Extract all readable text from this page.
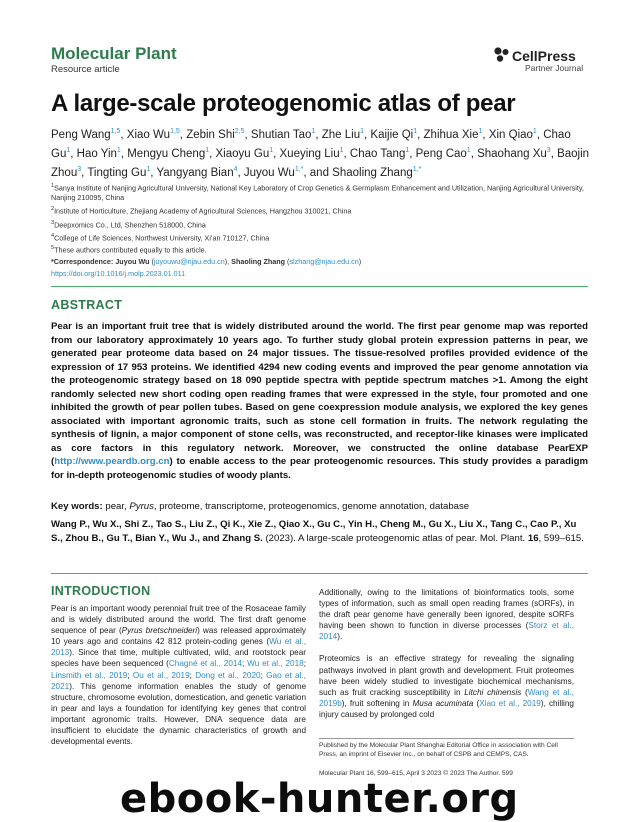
Molecular Plant
Resource article
CellPress
Partner Journal
A large-scale proteogenomic atlas of pear
Peng Wang$^{1,5}$, Xiao Wu$^{1,5}$, Zebin Shi$^{2,5}$, Shutian Tao$^1$, Zhe Liu$^1$, Kaijie Qi$^1$, Zhihua Xie$^1$, Xin Qiao$^1$, Chao Gu$^1$, Hao Yin$^1$, Mengyu Cheng$^1$, Xiaoyu Gu$^1$, Xueying Liu$^1$, Chao Tang$^1$, Peng Cao$^1$, Shaohang Xu$^3$, Baojin Zhou$^3$, Tingting Gu$^1$, Yangyang Bian$^4$, Juyou $Wu^{1,*}$, and Shaoling Zhang$^{1,*}$
$^1$Sanya Institute of Nanjing Agricultural University, National Key Laboratory of Crop Genetics & Germplasm Enhancement and Utilization, Nanjing Agricultural University, Nanjing 210095, China
$^2$Institute of Horticulture, Zhejiang Academy of Agricultural Sciences, Hangzhou 310021, China
$^3$Deepxomics Co., Ltd, Shenzhen 518000, China
$^4$College of Life Sciences, Northwest University, Xi’an 710127, China
$^5$These authors contributed equally to this article.
*Correspondence: Juyou Wu (juyouwu@njau.edu.cn), Shaoling Zhang (slzhang@njau.edu.cn)
https://doi.org/10.1016/j.molp.2023.01.011
ABSTRACT
Pear is an important fruit tree that is widely distributed around the world. The first pear genome map was reported from our laboratory approximately 10 years ago. To further study global protein expression patterns in pear, we generated pear proteome data based on 24 major tissues. The tissue-resolved profiles provided evidence of the expression of 17 953 proteins. We identified 4294 new coding events and improved the pear genome annotation via the proteogenomic strategy based on 18 090 peptide spectra with peptide spectrum matches >1. Among the eight randomly selected new short coding open reading frames that were expressed in the style, four promoted and one inhibited the growth of pear pollen tubes. Based on gene coexpression module analysis, we explored the key genes associated with important agronomic traits, such as stone cell formation in fruits. The network regulating the synthesis of lignin, a major component of stone cells, was reconstructed, and receptor-like kinases were implicated as core factors in this regulatory network. Moreover, we constructed the online database PearEXP (http://www.peardb.org.cn) to enable access to the pear proteogenomic resources. This study provides a paradigm for in-depth proteogenomic studies of woody plants.
Key words: pear, Pyrus, proteome, transcriptome, proteogenomics, genome annotation, database
Wang P., Wu X., Shi Z., Tao S., Liu Z., Qi K., Xie Z., Qiao X., Gu C., Yin H., Cheng M., Gu X., Liu X., Tang C., Cao P., Xu S., Zhou B., Gu T., Bian Y., Wu J., and Zhang S. (2023). A large-scale proteogenomic atlas of pear. Mol. Plant. 16, 599–615.
INTRODUCTION
Pear is an important woody perennial fruit tree of the Rosaceae family and is widely distributed around the world. The first draft genome sequence of pear (Pyrus bretschneideri) was released approximately 10 years ago and contains 42 812 protein-coding genes (Wu et al., 2013). Since that time, multiple cultivated, wild, and rootstock pear species have been sequenced (Chagné et al., 2014; Wu et al., 2018; Linsmith et al., 2019; Ou et al., 2019; Dong et al., 2020; Gao et al., 2021). This genome information enables the study of genome structure, chromosome evolution, domestication, and genetic variation in pear and lays a foundation for identifying key genes that control important agronomic traits. However, DNA sequence data are insufficient to elucidate the dynamic characteristics of growth and developmental events.
Additionally, owing to the limitations of bioinformatics tools, some types of information, such as small open reading frames (sORFs), in the draft pear genome have generally been ignored, despite sORFs having been shown to function in diverse processes (Storz et al., 2014).
Proteomics is an effective strategy for revealing the signaling pathways involved in plant growth and development. Fruit proteomes have been widely studied to investigate biochemical mechanisms, such as fruit cracking susceptibility in Litchi chinensis (Wang et al., 2019b), fruit softening in Musa acuminata (Xiao et al., 2019), chilling injury caused by prolonged cold
Published by the Molecular Plant Shanghai Editorial Office in association with Cell Press, an imprint of Elsevier Inc., on behalf of CSPB and CEMPS, CAS.
Molecular Plant 16, 599–615, April 3 2023 © 2023 The Author. 599
ebook-hunter.org
